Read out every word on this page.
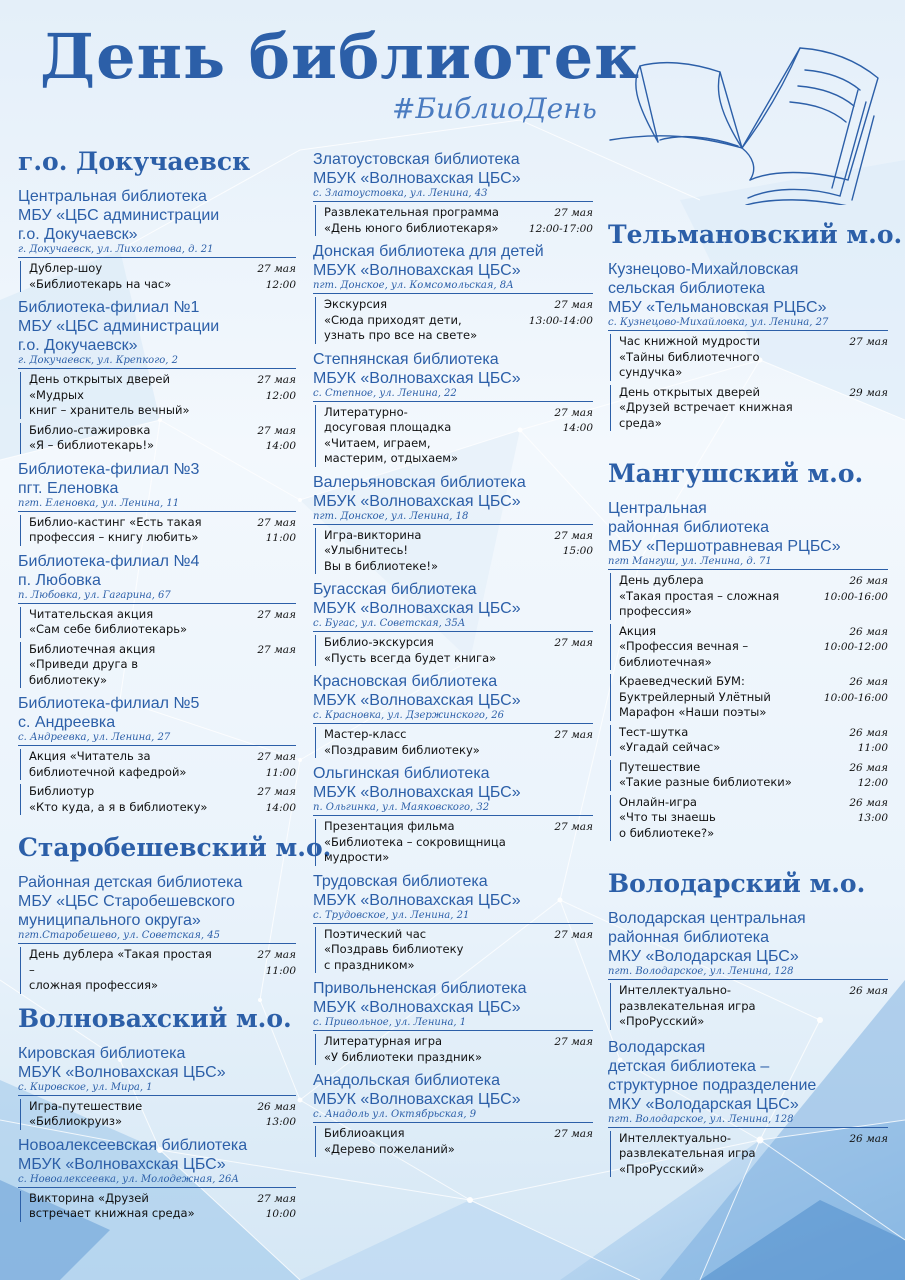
День библиотек
#БиблиоДень
г.о. Докучаевск
Центральная библиотека
МБУ «ЦБС администрации
г.о. Докучаевск»
г. Докучаевск, ул. Лихолетова, д. 21
Дублер-шоу
«Библиотекарь на час»
27 мая
12:00
Библиотека-филиал №1
МБУ «ЦБС администрации
г.о. Докучаевск»
г. Докучаевск, ул. Крепкого, 2
День открытых дверей «Мудрых
книг – хранитель вечный»
27 мая
12:00
Библио-стажировка
«Я – библиотекарь!»
27 мая
14:00
Библиотека-филиал №3
пгт. Еленовка
пгт. Еленовка, ул. Ленина, 11
Библио-кастинг «Есть такая
профессия – книгу любить»
27 мая
11:00
Библиотека-филиал №4
п. Любовка
п. Любовка, ул. Гагарина, 67
Читательская акция
«Сам себе библиотекарь»
27 мая
Библиотечная акция
«Приведи друга в библиотеку»
27 мая
Библиотека-филиал №5
с. Андреевка
с. Андреевка, ул. Ленина, 27
Акция «Читатель за
библиотечной кафедрой»
27 мая
11:00
Библиотур
«Кто куда, а я в библиотеку»
27 мая
14:00
Старобешевский м.о.
Районная детская библиотека
МБУ «ЦБС Старобешевского
муниципального округа»
пгт.Старобешево, ул. Советская, 45
День дублера «Такая простая –
сложная профессия»
27 мая
11:00
Волновахский м.о.
Кировская библиотека
МБУК «Волновахская ЦБС»
с. Кировское, ул. Мира, 1
Игра-путешествие
«Библиокруиз»
26 мая
13:00
Новоалексеевская библиотека
МБУК «Волновахская ЦБС»
с. Новоалексеевка, ул. Молодежная, 26А
Викторина «Друзей
встречает книжная среда»
27 мая
10:00
Златоустовская библиотека
МБУК «Волновахская ЦБС»
с. Златоустовка, ул. Ленина, 43
Развлекательная программа
«День юного библиотекаря»
27 мая
12:00-17:00
Донская библиотека для детей
МБУК «Волновахская ЦБС»
пгт. Донское, ул. Комсомольская, 8А
Экскурсия
«Сюда приходят дети,
узнать про все на свете»
27 мая
13:00-14:00
Степнянская библиотека
МБУК «Волновахская ЦБС»
с. Степное, ул. Ленина, 22
Литературно-
досуговая площадка
«Читаем, играем,
мастерим, отдыхаем»
27 мая
14:00
Валерьяновская библиотека
МБУК «Волновахская ЦБС»
пгт. Донское, ул. Ленина, 18
Игра-викторина
«Улыбнитесь!
Вы в библиотеке!»
27 мая
15:00
Бугасская библиотека
МБУК «Волновахская ЦБС»
с. Бугас, ул. Советская, 35А
Библио-экскурсия
«Пусть всегда будет книга»
27 мая
Красновская библиотека
МБУК «Волновахская ЦБС»
с. Красновка, ул. Дзержинского, 26
Мастер-класс
«Поздравим библиотеку»
27 мая
Ольгинская библиотека
МБУК «Волновахская ЦБС»
п. Ольгинка, ул. Маяковского, 32
Презентация фильма
«Библиотека – сокровищница
мудрости»
27 мая
Трудовская библиотека
МБУК «Волновахская ЦБС»
с. Трудовское, ул. Ленина, 21
Поэтический час
«Поздравь библиотеку
с праздником»
27 мая
Привольненская библиотека
МБУК «Волновахская ЦБС»
с. Привольное, ул. Ленина, 1
Литературная игра
«У библиотеки праздник»
27 мая
Анадольская библиотека
МБУК «Волновахская ЦБС»
с. Анадоль ул. Октябрьская, 9
Библиоакция
«Дерево пожеланий»
27 мая
Тельмановский м.о.
Кузнецово-Михайловская
сельская библиотека
МБУ «Тельмановская РЦБС»
с. Кузнецово-Михайловка, ул. Ленина, 27
Час книжной мудрости
«Тайны библиотечного сундучка»
27 мая
День открытых дверей
«Друзей встречает книжная среда»
29 мая
Мангушский м.о.
Центральная
районная библиотека
МБУ «Першотравневая РЦБС»
пгт Мангуш, ул. Ленина, д. 71
День дублера
«Такая простая – сложная
профессия»
26 мая
10:00-16:00
Акция
«Профессия вечная –
библиотечная»
26 мая
10:00-12:00
Краеведческий БУМ:
Буктрейлерный Улётный
Марафон «Наши поэты»
26 мая
10:00-16:00
Тест-шутка
«Угадай сейчас»
26 мая
11:00
Путешествие
«Такие разные библиотеки»
26 мая
12:00
Онлайн-игра
«Что ты знаешь
о библиотеке?»
26 мая
13:00
Володарский м.о.
Володарская центральная
районная библиотека
МКУ «Володарская ЦБС»
пгт. Володарское, ул. Ленина, 128
Интеллектуально-
развлекательная игра
«ПроРусский»
26 мая
Володарская
детская библиотека –
структурное подразделение
МКУ «Володарская ЦБС»
пгт. Володарское, ул. Ленина, 128
Интеллектуально-
развлекательная игра
«ПроРусский»
26 мая
